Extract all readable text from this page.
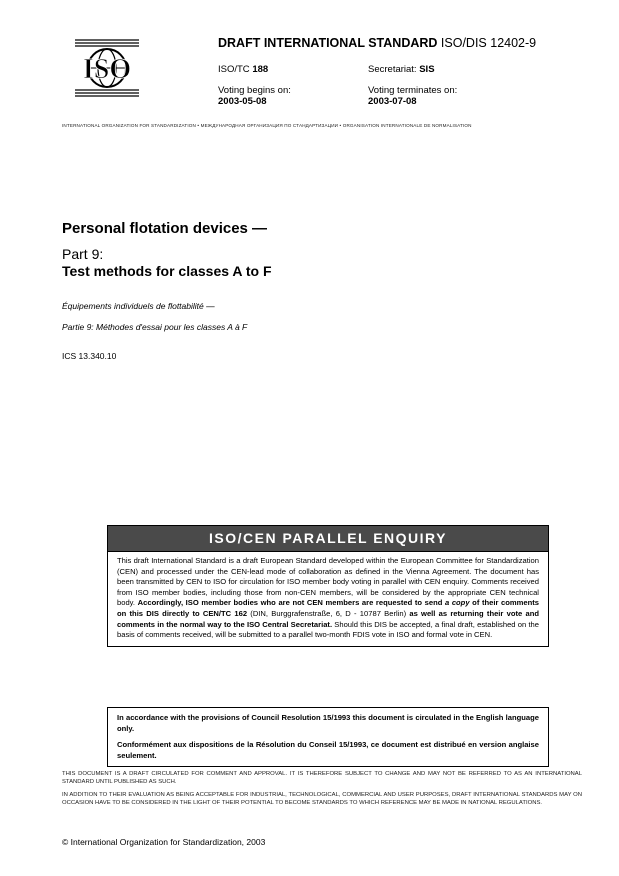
ISO
DRAFT INTERNATIONAL STANDARD ISO/DIS 12402-9
ISO/TC 188	Secretariat: SIS
Voting begins on:
2003-05-08
Voting terminates on:
2003-07-08
INTERNATIONAL ORGANIZATION FOR STANDARDIZATION • МЕЖДУНАРОДНАЯ ОРГАНИЗАЦИЯ ПО СТАНДАРТИЗАЦИИ • ORGANISATION INTERNATIONALE DE NORMALISATION
Personal flotation devices —
Part 9:
Test methods for classes A to F
Équipements individuels de flottabilité —
Partie 9: Méthodes d'essai pour les classes A à F
ICS 13.340.10
ISO/CEN PARALLEL ENQUIRY
This draft International Standard is a draft European Standard developed within the European Committee for Standardization (CEN) and processed under the CEN-lead mode of collaboration as defined in the Vienna Agreement. The document has been transmitted by CEN to ISO for circulation for ISO member body voting in parallel with CEN enquiry. Comments received from ISO member bodies, including those from non-CEN members, will be considered by the appropriate CEN technical body. Accordingly, ISO member bodies who are not CEN members are requested to send a copy of their comments on this DIS directly to CEN/TC 162 (DIN, Burggrafenstraße, 6, D - 10787 Berlin) as well as returning their vote and comments in the normal way to the ISO Central Secretariat. Should this DIS be accepted, a final draft, established on the basis of comments received, will be submitted to a parallel two-month FDIS vote in ISO and formal vote in CEN.

In accordance with the provisions of Council Resolution 15/1993 this document is circulated in the English language only.

Conformément aux dispositions de la Résolution du Conseil 15/1993, ce document est distribué en version anglaise seulement.

THIS DOCUMENT IS A DRAFT CIRCULATED FOR COMMENT AND APPROVAL. IT IS THEREFORE SUBJECT TO CHANGE AND MAY NOT BE REFERRED TO AS AN INTERNATIONAL STANDARD UNTIL PUBLISHED AS SUCH.
IN ADDITION TO THEIR EVALUATION AS BEING ACCEPTABLE FOR INDUSTRIAL, TECHNOLOGICAL, COMMERCIAL AND USER PURPOSES, DRAFT INTERNATIONAL STANDARDS MAY ON OCCASION HAVE TO BE CONSIDERED IN THE LIGHT OF THEIR POTENTIAL TO BECOME STANDARDS TO WHICH REFERENCE MAY BE MADE IN NATIONAL REGULATIONS.
© International Organization for Standardization, 2003
